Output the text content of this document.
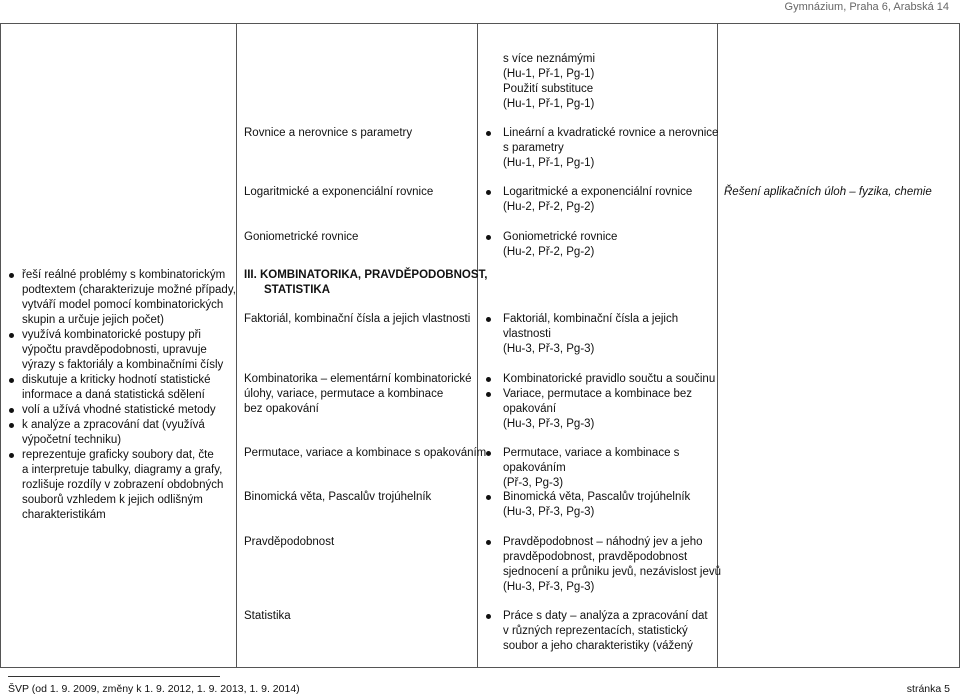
Gymnázium, Praha 6, Arabská 14
s více neznámými
(Hu-1, Př-1, Pg-1)
Použití substituce
(Hu-1, Př-1, Pg-1)
Rovnice a nerovnice s parametry
Logaritmické a exponenciální rovnice
Goniometrické rovnice
III. KOMBINATORIKA, PRAVDĚPODOBNOST,
STATISTIKA
Faktoriál, kombinační čísla a jejich vlastnosti
Kombinatorika – elementární kombinatorické
úlohy, variace, permutace a kombinace
bez opakování
Permutace, variace a kombinace s opakováním
Binomická věta, Pascalův trojúhelník
Pravděpodobnost
Statistika
Lineární a kvadratické rovnice a nerovnice
s parametry
(Hu-1, Př-1, Pg-1)
Logaritmické a exponenciální rovnice
(Hu-2, Př-2, Pg-2)
Goniometrické rovnice
(Hu-2, Př-2, Pg-2)
Faktoriál, kombinační čísla a jejich
vlastnosti
(Hu-3, Př-3, Pg-3)
Kombinatorické pravidlo součtu a součinu
Variace, permutace a kombinace bez
opakování
(Hu-3, Př-3, Pg-3)
Permutace, variace a kombinace s
opakováním
(Př-3, Pg-3)
Binomická věta, Pascalův trojúhelník
(Hu-3, Př-3, Pg-3)
Pravděpodobnost – náhodný jev a jeho
pravděpodobnost, pravděpodobnost
sjednocení a průniku jevů, nezávislost jevů
(Hu-3, Př-3, Pg-3)
Práce s daty – analýza a zpracování dat
v různých reprezentacích, statistický
soubor a jeho charakteristiky (vážený
Řešení aplikačních úloh – fyzika, chemie
řeší reálné problémy s kombinatorickým
podtextem (charakterizuje možné případy,
vytváří model pomocí kombinatorických
skupin a určuje jejich počet)
využívá kombinatorické postupy při
výpočtu pravděpodobnosti, upravuje
výrazy s faktoriály a kombinačními čísly
diskutuje a kriticky hodnotí statistické
informace a daná statistická sdělení
volí a užívá vhodné statistické metody
k analýze a zpracování dat (využívá
výpočetní techniku)
reprezentuje graficky soubory dat, čte
a interpretuje tabulky, diagramy a grafy,
rozlišuje rozdíly v zobrazení obdobných
souborů vzhledem k jejich odlišným
charakteristikám
ŠVP (od 1. 9. 2009, změny k 1. 9. 2012, 1. 9. 2013, 1. 9. 2014)	stránka 5
